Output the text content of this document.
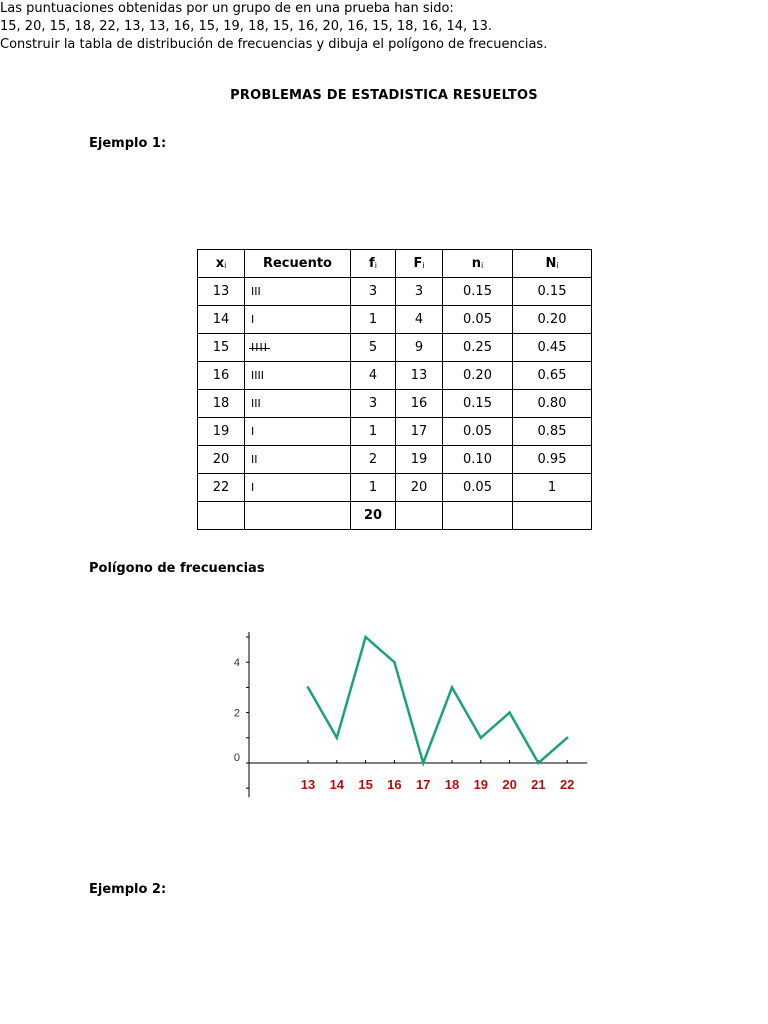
PROBLEMAS DE ESTADISTICA RESUELTOS
Ejemplo 1:
Las puntuaciones obtenidas por un grupo de en una prueba han sido:
15, 20, 15, 18, 22, 13, 13, 16, 15, 19, 18, 15, 16, 20, 16, 15, 18, 16, 14, 13.
Construir la tabla de distribución de frecuencias y dibuja el polígono de frecuencias.
xi	Recuento	fi	Fi	ni	Ni
13	III	3	3	0.15	0.15
14	I	1	4	0.05	0.20
15	IIII	5	9	0.25	0.45
16	IIII	4	13	0.20	0.65
18	III	3	16	0.15	0.80
19	I	1	17	0.05	0.85
20	II	2	19	0.10	0.95
22	I	1	20	0.05	1
		20			
Polígono de frecuencias
0
2
4
13 14 15 16 17 18 19 20 21 22
Ejemplo 2:
